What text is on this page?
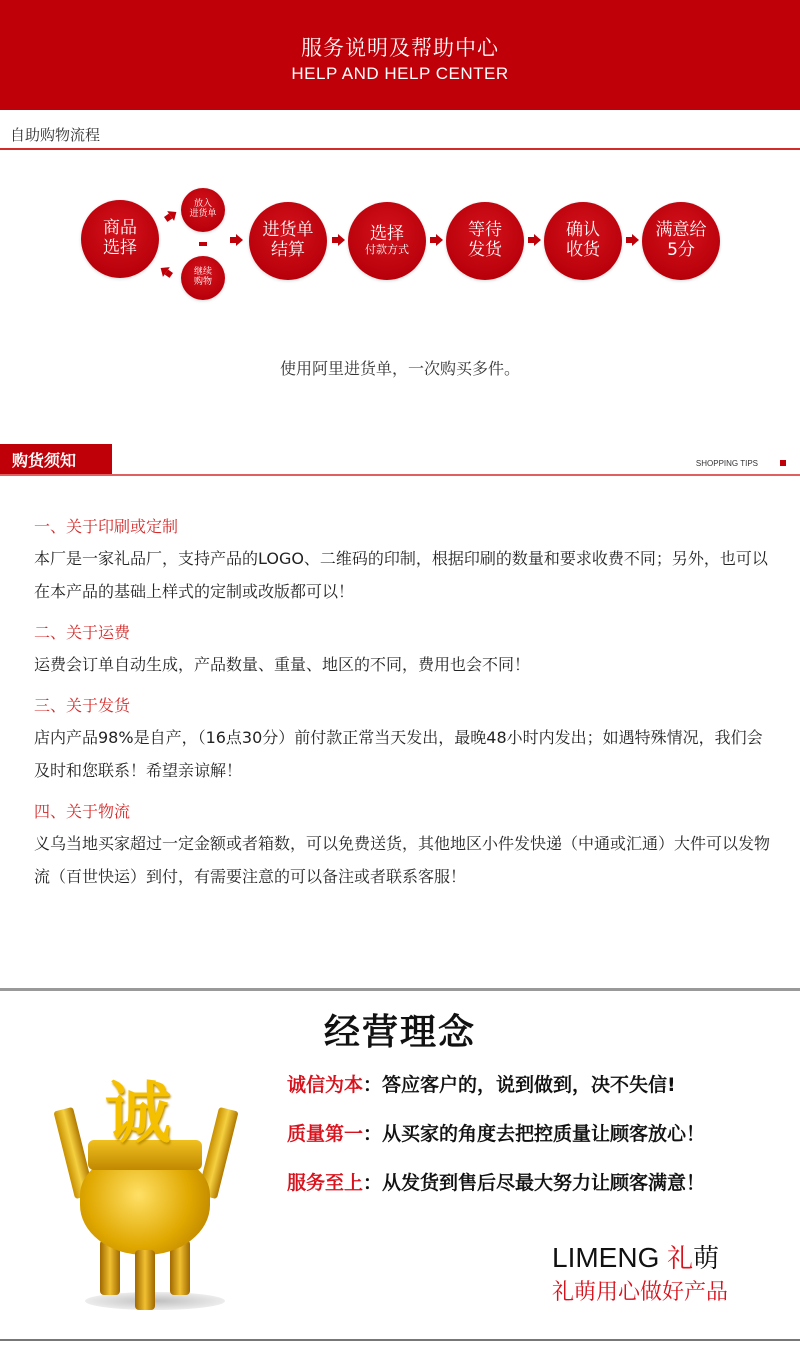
服务说明及帮助中心
HELP AND HELP CENTER
自助购物流程
商品
选择
放入
进货单
继续
购物
进货单
结算
选择
付款方式
等待
发货
确认
收货
满意给
5分
使用阿里进货单，一次购买多件。
购货须知	SHOPPING TIPS
一、关于印刷或定制
本厂是一家礼品厂，支持产品的LOGO、二维码的印制，根据印刷的数量和要求收费不同；另外，也可以在本产品的基础上样式的定制或改版都可以！
二、关于运费
运费会订单自动生成，产品数量、重量、地区的不同，费用也会不同！
三、关于发货
店内产品98%是自产，（16点30分）前付款正常当天发出，最晚48小时内发出；如遇特殊情况，我们会及时和您联系！希望亲谅解！
四、关于物流
义乌当地买家超过一定金额或者箱数，可以免费送货，其他地区小件发快递（中通或汇通）大件可以发物流（百世快运）到付，有需要注意的可以备注或者联系客服！
经营理念
诚	诚信为本：答应客户的，说到做到，决不失信!
质量第一：从买家的角度去把控质量让顾客放心！
服务至上：从发货到售后尽最大努力让顾客满意！
LIMENG 礼萌
礼萌用心做好产品
